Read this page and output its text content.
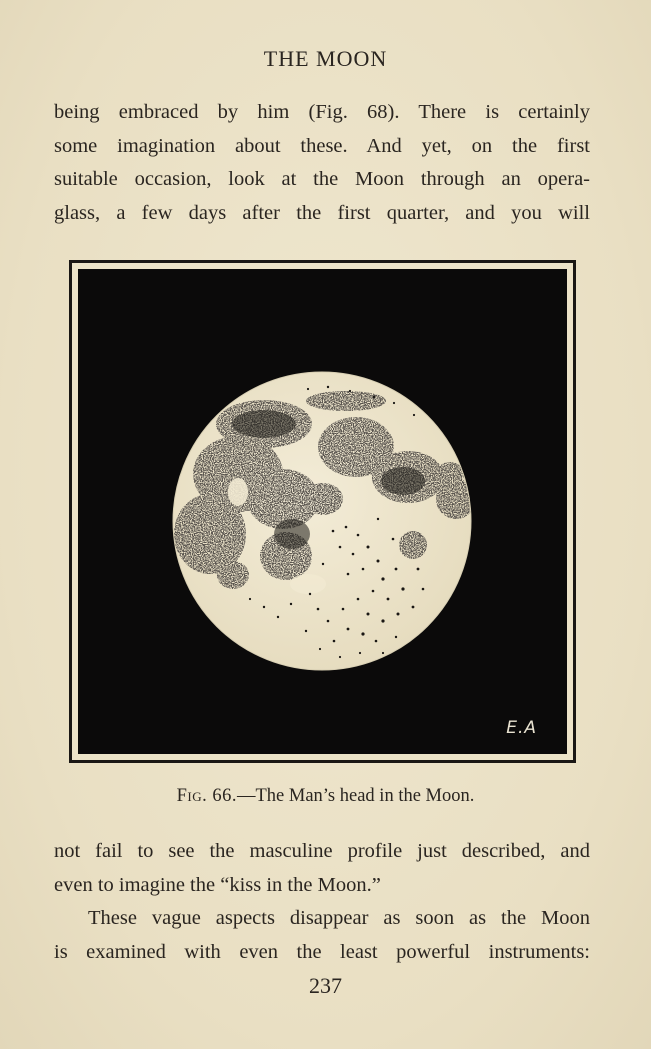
THE MOON
being embraced by him (Fig. 68). There is certainly
some imagination about these. And yet, on the first
suitable occasion, look at the Moon through an opera-
glass, a few days after the first quarter, and you will
E.A
Fig. 66.—The Man’s head in the Moon.
not fail to see the masculine profile just described, and
even to imagine the “kiss in the Moon.”
These vague aspects disappear as soon as the Moon
is examined with even the least powerful instruments:
237
